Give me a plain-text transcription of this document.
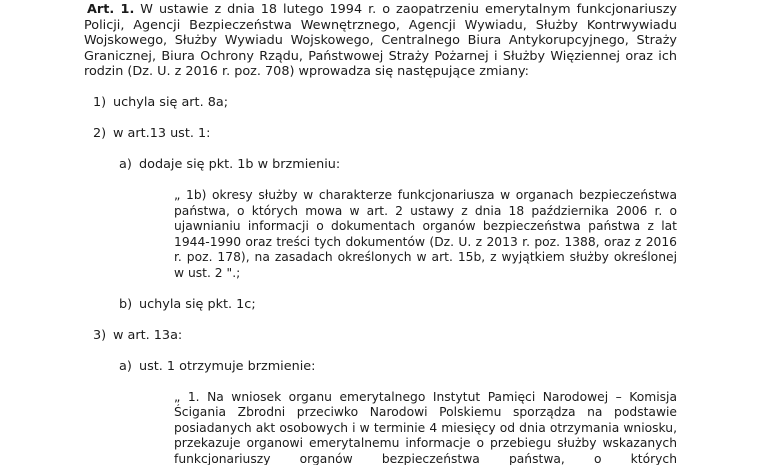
Art. 1. W ustawie z dnia 18 lutego 1994 r. o zaopatrzeniu emerytalnym funkcjonariuszy Policji, Agencji Bezpieczeństwa Wewnętrznego, Agencji Wywiadu, Służby Kontrwywiadu Wojskowego, Służby Wywiadu Wojskowego, Centralnego Biura Antykorupcyjnego, Straży Granicznej, Biura Ochrony Rządu, Państwowej Straży Pożarnej i Służby Więziennej oraz ich rodzin (Dz. U. z 2016 r. poz. 708) wprowadza się następujące zmiany:

1) uchyla się art. 8a;
2) w art.13 ust. 1:
a) dodaje się pkt. 1b w brzmieniu:
„ 1b) okresy służby w charakterze funkcjonariusza w organach bezpieczeństwa państwa, o których mowa w art. 2 ustawy z dnia 18 października 2006 r. o ujawnianiu informacji o dokumentach organów bezpieczeństwa państwa z lat 1944-1990 oraz treści tych dokumentów (Dz. U. z 2013 r. poz. 1388, oraz z 2016 r. poz. 178), na zasadach określonych w art. 15b, z wyjątkiem służby określonej w ust. 2 ".;
b) uchyla się pkt. 1c;
3) w art. 13a:
a) ust. 1 otrzymuje brzmienie:
„ 1. Na wniosek organu emerytalnego Instytut Pamięci Narodowej – Komisja Ścigania Zbrodni przeciwko Narodowi Polskiemu sporządza na podstawie posiadanych akt osobowych i w terminie 4 miesięcy od dnia otrzymania wniosku, przekazuje organowi emerytalnemu informacje o przebiegu służby wskazanych funkcjonariuszy organów bezpieczeństwa państwa, o których
